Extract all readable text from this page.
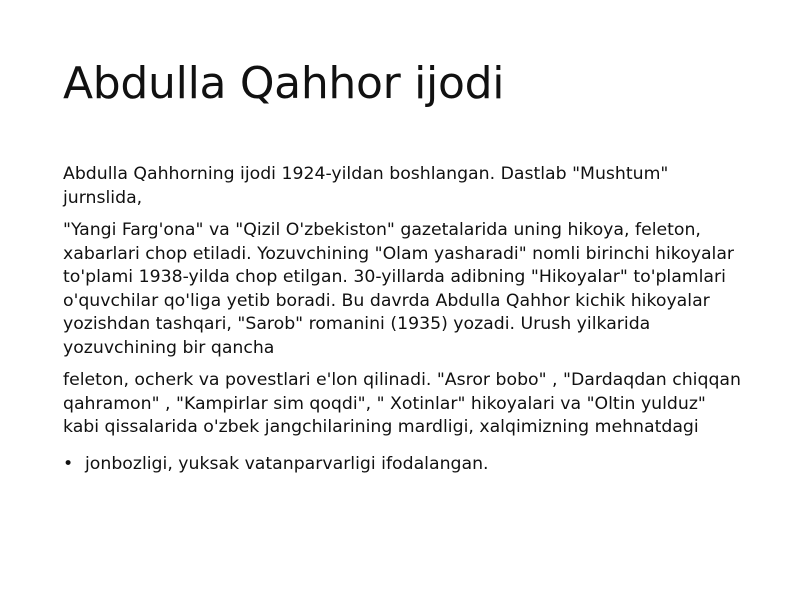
Abdulla Qahhor ijodi

Abdulla Qahhorning ijodi 1924-yildan boshlangan. Dastlab "Mushtum" jurnslida,

"Yangi Farg'ona" va "Qizil O'zbekiston" gazetalarida uning hikoya, feleton, xabarlari chop etiladi. Yozuvchining "Olam yasharadi" nomli birinchi hikoyalar to'plami 1938-yilda chop etilgan. 30-yillarda adibning "Hikoyalar" to'plamlari o'quvchilar qo'liga yetib boradi. Bu davrda Abdulla Qahhor kichik hikoyalar yozishdan tashqari, "Sarob" romanini (1935) yozadi. Urush yilkarida yozuvchining bir qancha

feleton, ocherk va povestlari e'lon qilinadi. "Asror bobo" , "Dardaqdan chiqqan qahramon" , "Kampirlar sim qoqdi", " Xotinlar" hikoyalari va "Oltin yulduz" kabi qissalarida o'zbek jangchilarining mardligi, xalqimizning mehnatdagi

• jonbozligi, yuksak vatanparvarligi ifodalangan.
